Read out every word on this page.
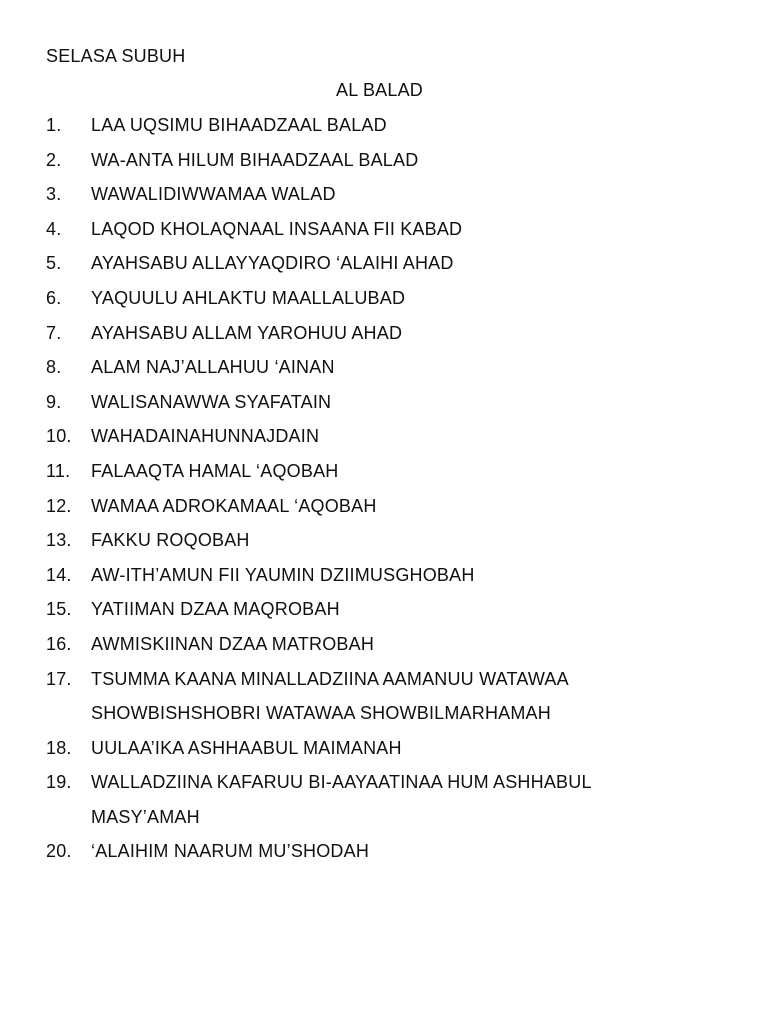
SELASA SUBUH
AL BALAD
1. LAA UQSIMU BIHAADZAAL BALAD
2. WA-ANTA HILUM BIHAADZAAL BALAD
3. WAWALIDIWWAMAA WALAD
4. LAQOD KHOLAQNAAL INSAANA FII KABAD
5. AYAHSABU ALLAYYAQDIRO ‘ALAIHI AHAD
6. YAQUULU AHLAKTU MAALLALUBAD
7. AYAHSABU ALLAM YAROHUU AHAD
8. ALAM NAJ’ALLAHUU ‘AINAN
9. WALISANAWWA SYAFATAIN
10. WAHADAINAHUNNAJDAIN
11. FALAAQTA HAMAL ‘AQOBAH
12. WAMAA ADROKAMAAL ‘AQOBAH
13. FAKKU ROQOBAH
14. AW-ITH’AMUN FII YAUMIN DZIIMUSGHOBAH
15. YATIIMAN DZAA MAQROBAH
16. AWMISKIINAN DZAA MATROBAH
17. TSUMMA KAANA MINALLADZIINA AAMANUU WATAWAA
SHOWBISHSHOBRI WATAWAA SHOWBILMARHAMAH
18. UULAA’IKA ASHHAABUL MAIMANAH
19. WALLADZIINA KAFARUU BI-AAYAATINAA HUM ASHHABUL
MASY’AMAH
20. ‘ALAIHIM NAARUM MU’SHODAH
